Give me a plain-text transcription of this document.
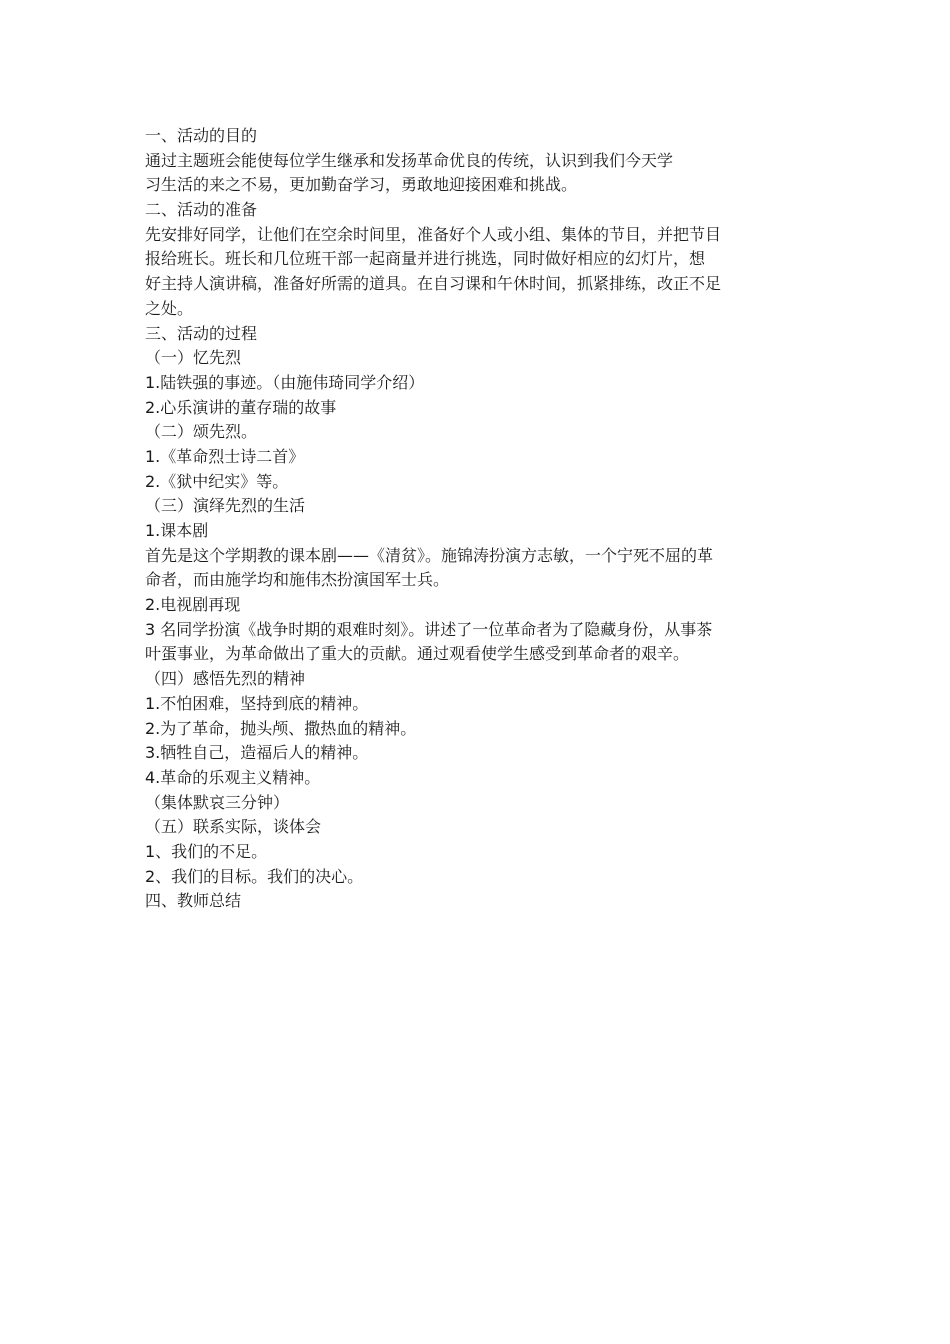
一、活动的目的
通过主题班会能使每位学生继承和发扬革命优良的传统，认识到我们今天学
习生活的来之不易，更加勤奋学习，勇敢地迎接困难和挑战。
二、活动的准备
先安排好同学，让他们在空余时间里，准备好个人或小组、集体的节目，并把节目
报给班长。班长和几位班干部一起商量并进行挑选，同时做好相应的幻灯片，想
好主持人演讲稿，准备好所需的道具。在自习课和午休时间，抓紧排练，改正不足
之处。
三、活动的过程
（一）忆先烈
1.陆铁强的事迹。（由施伟琦同学介绍）
2.心乐演讲的董存瑞的故事
（二）颂先烈。
1.《革命烈士诗二首》
2.《狱中纪实》等。
（三）演绎先烈的生活
1.课本剧
首先是这个学期教的课本剧——《清贫》。施锦涛扮演方志敏，一个宁死不屈的革
命者，而由施学均和施伟杰扮演国军士兵。
2.电视剧再现
3 名同学扮演《战争时期的艰难时刻》。讲述了一位革命者为了隐藏身份，从事茶
叶蛋事业，为革命做出了重大的贡献。通过观看使学生感受到革命者的艰辛。
（四）感悟先烈的精神
1.不怕困难，坚持到底的精神。
2.为了革命，抛头颅、撒热血的精神。
3.牺牲自己，造福后人的精神。
4.革命的乐观主义精神。
（集体默哀三分钟）
（五）联系实际，谈体会
1、我们的不足。
2、我们的目标。我们的决心。
四、教师总结
